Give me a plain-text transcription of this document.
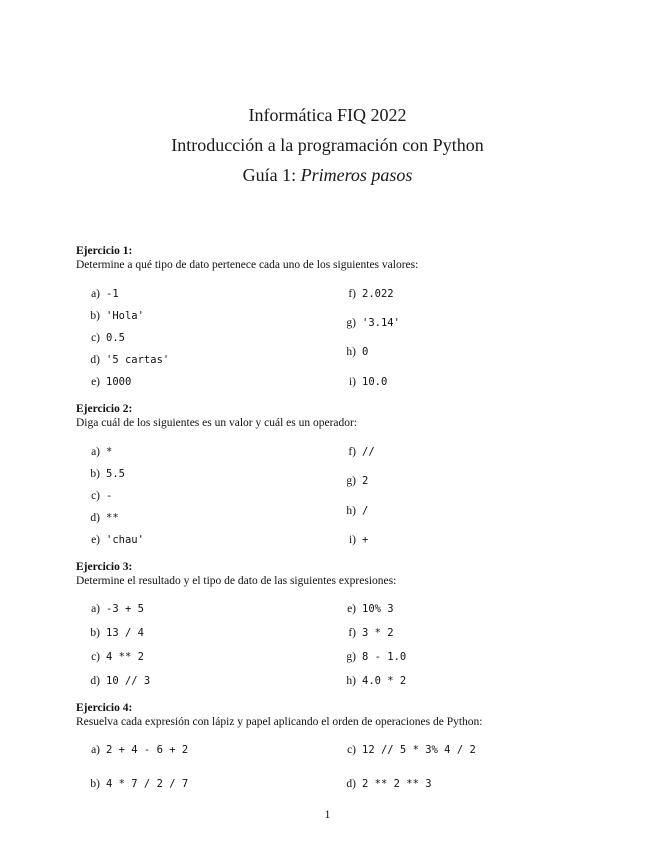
Informática FIQ 2022
Introducción a la programación con Python
Guía 1: Primeros pasos
Ejercicio 1:
Determine a qué tipo de dato pertenece cada uno de los siguientes valores:
a) -1
b) 'Hola'
c) 0.5
d) '5 cartas'
e) 1000
f) 2.022
g) '3.14'
h) 0
i) 10.0
Ejercicio 2:
Diga cuál de los siguientes es un valor y cuál es un operador:
a) *
b) 5.5
c) -
d) **
e) 'chau'
f) //
g) 2
h) /
i) +
Ejercicio 3:
Determine el resultado y el tipo de dato de las siguientes expresiones:
a) -3 + 5
b) 13 / 4
c) 4 ** 2
d) 10 // 3
e) 10% 3
f) 3 * 2
g) 8 - 1.0
h) 4.0 * 2
Ejercicio 4:
Resuelva cada expresión con lápiz y papel aplicando el orden de operaciones de Python:
a) 2 + 4 - 6 + 2
b) 4 * 7 / 2 / 7
c) 12 // 5 * 3% 4 / 2
d) 2 ** 2 ** 3
1
